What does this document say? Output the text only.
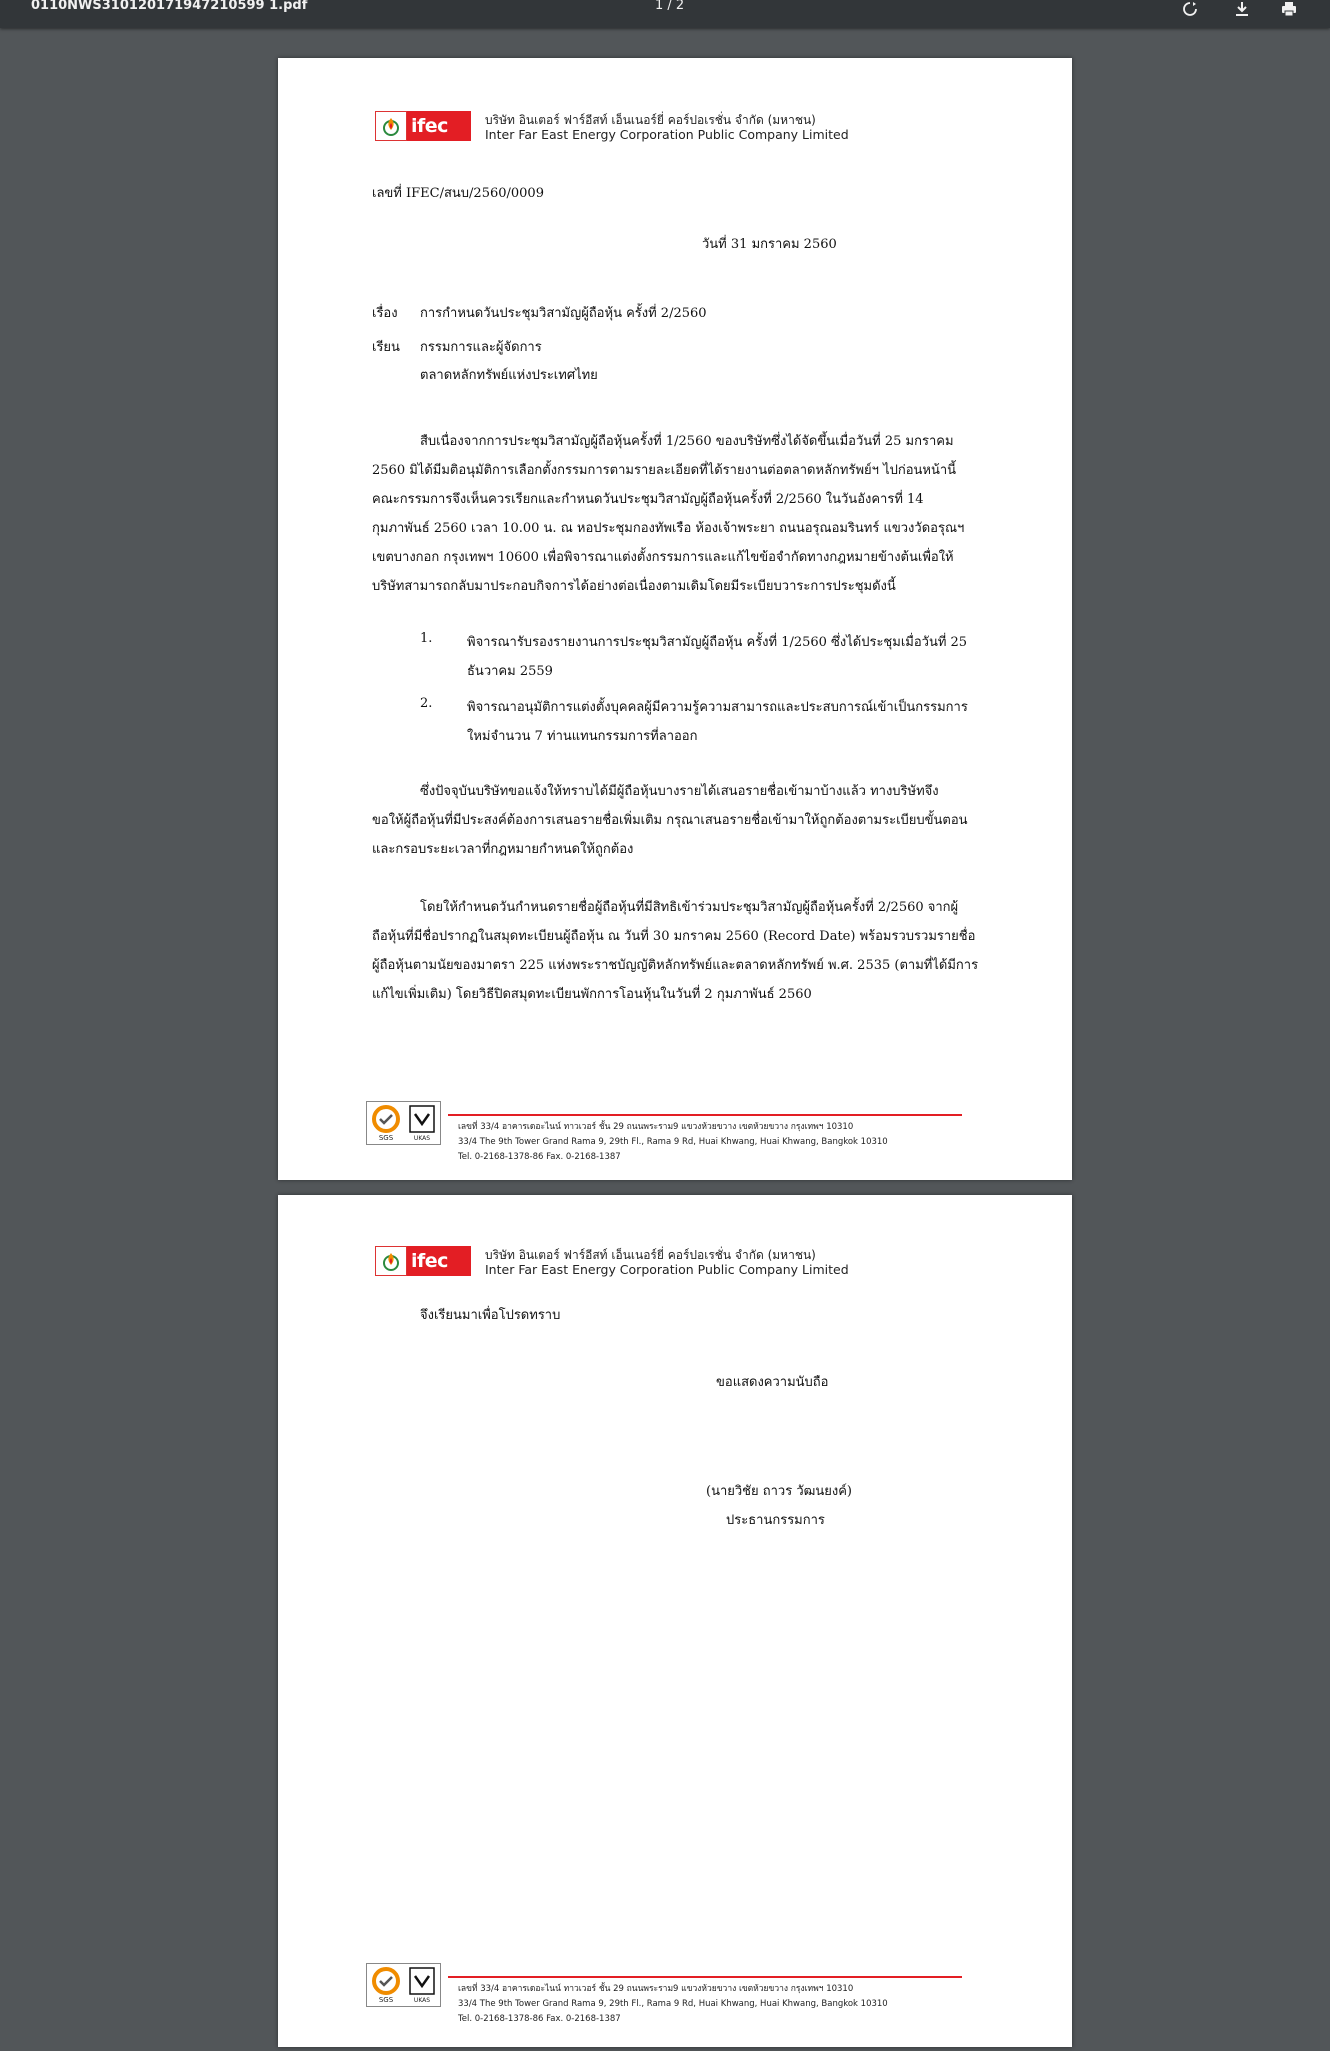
0110NWS310120171947210599 1.pdf	1 / 2
ifec	บริษัท อินเตอร์ ฟาร์อีสท์ เอ็นเนอร์ยี่ คอร์ปอเรชั่น จำกัด (มหาชน)
Inter Far East Energy Corporation Public Company Limited
เลขที่ IFEC/สนบ/2560/0009
วันที่ 31 มกราคม 2560
เรื่อง การกำหนดวันประชุมวิสามัญผู้ถือหุ้น ครั้งที่ 2/2560
เรียน กรรมการและผู้จัดการ
ตลาดหลักทรัพย์แห่งประเทศไทย
สืบเนื่องจากการประชุมวิสามัญผู้ถือหุ้นครั้งที่ 1/2560 ของบริษัทซึ่งได้จัดขึ้นเมื่อวันที่ 25 มกราคม
2560 มิได้มีมติอนุมัติการเลือกตั้งกรรมการตามรายละเอียดที่ได้รายงานต่อตลาดหลักทรัพย์ฯ ไปก่อนหน้านี้
คณะกรรมการจึงเห็นควรเรียกและกำหนดวันประชุมวิสามัญผู้ถือหุ้นครั้งที่ 2/2560 ในวันอังคารที่ 14
กุมภาพันธ์ 2560 เวลา 10.00 น. ณ หอประชุมกองทัพเรือ ห้องเจ้าพระยา ถนนอรุณอมรินทร์ แขวงวัดอรุณฯ
เขตบางกอก กรุงเทพฯ 10600 เพื่อพิจารณาแต่งตั้งกรรมการและแก้ไขข้อจำกัดทางกฎหมายข้างต้นเพื่อให้
บริษัทสามารถกลับมาประกอบกิจการได้อย่างต่อเนื่องตามเดิมโดยมีระเบียบวาระการประชุมดังนี้
1.	พิจารณารับรองรายงานการประชุมวิสามัญผู้ถือหุ้น ครั้งที่ 1/2560 ซึ่งได้ประชุมเมื่อวันที่ 25
ธันวาคม 2559
2.	พิจารณาอนุมัติการแต่งตั้งบุคคลผู้มีความรู้ความสามารถและประสบการณ์เข้าเป็นกรรมการ
ใหม่จำนวน 7 ท่านแทนกรรมการที่ลาออก
ซึ่งปัจจุบันบริษัทขอแจ้งให้ทราบได้มีผู้ถือหุ้นบางรายได้เสนอรายชื่อเข้ามาบ้างแล้ว ทางบริษัทจึง
ขอให้ผู้ถือหุ้นที่มีประสงค์ต้องการเสนอรายชื่อเพิ่มเติม กรุณาเสนอรายชื่อเข้ามาให้ถูกต้องตามระเบียบขั้นตอน
และกรอบระยะเวลาที่กฎหมายกำหนดให้ถูกต้อง
โดยให้กำหนดวันกำหนดรายชื่อผู้ถือหุ้นที่มีสิทธิเข้าร่วมประชุมวิสามัญผู้ถือหุ้นครั้งที่ 2/2560 จากผู้
ถือหุ้นที่มีชื่อปรากฏในสมุดทะเบียนผู้ถือหุ้น ณ วันที่ 30 มกราคม 2560 (Record Date) พร้อมรวบรวมรายชื่อ
ผู้ถือหุ้นตามนัยของมาตรา 225 แห่งพระราชบัญญัติหลักทรัพย์และตลาดหลักทรัพย์ พ.ศ. 2535 (ตามที่ได้มีการ
แก้ไขเพิ่มเติม) โดยวิธีปิดสมุดทะเบียนพักการโอนหุ้นในวันที่ 2 กุมภาพันธ์ 2560
SGS	UKAS
เลขที่ 33/4 อาคารเดอะไนน์ ทาวเวอร์ ชั้น 29 ถนนพระราม9 แขวงห้วยขวาง เขตห้วยขวาง กรุงเทพฯ 10310
33/4 The 9th Tower Grand Rama 9, 29th Fl., Rama 9 Rd, Huai Khwang, Huai Khwang, Bangkok 10310
Tel. 0-2168-1378-86 Fax. 0-2168-1387
ifec	บริษัท อินเตอร์ ฟาร์อีสท์ เอ็นเนอร์ยี่ คอร์ปอเรชั่น จำกัด (มหาชน)
Inter Far East Energy Corporation Public Company Limited
จึงเรียนมาเพื่อโปรดทราบ
ขอแสดงความนับถือ
(นายวิชัย ถาวร วัฒนยงค์)
ประธานกรรมการ
SGS	UKAS
เลขที่ 33/4 อาคารเดอะไนน์ ทาวเวอร์ ชั้น 29 ถนนพระราม9 แขวงห้วยขวาง เขตห้วยขวาง กรุงเทพฯ 10310
33/4 The 9th Tower Grand Rama 9, 29th Fl., Rama 9 Rd, Huai Khwang, Huai Khwang, Bangkok 10310
Tel. 0-2168-1378-86 Fax. 0-2168-1387
